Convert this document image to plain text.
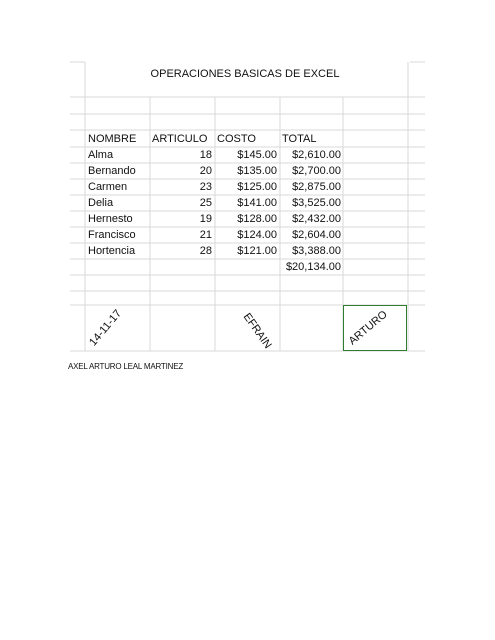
OPERACIONES BASICAS DE EXCEL
NOMBRE ARTICULO COSTO TOTAL
Alma	18	$145.00	$2,610.00
Bernando	20	$135.00	$2,700.00
Carmen	23	$125.00	$2,875.00
Delia	25	$141.00	$3,525.00
Hernesto	19	$128.00	$2,432.00
Francisco	21	$124.00	$2,604.00
Hortencia	28	$121.00	$3,388.00
$20,134.00
14-11-17	EFRAIN	ARTURO
AXEL ARTURO LEAL MARTINEZ
